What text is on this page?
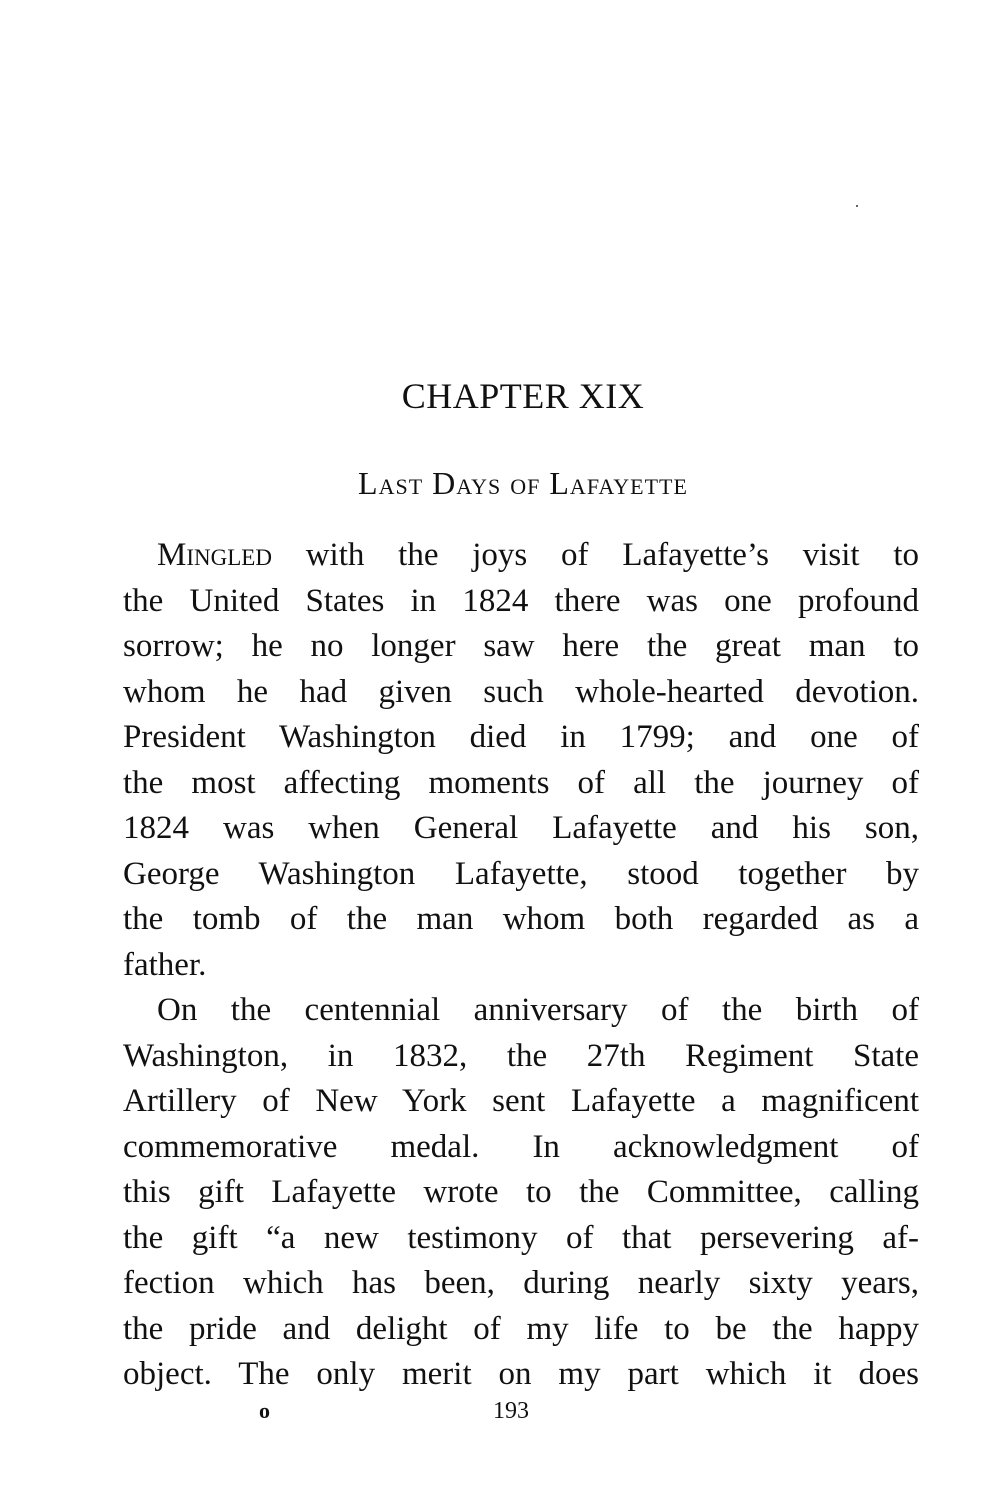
CHAPTER XIX
Last Days of Lafayette
Mingled with the joys of Lafayette’s visit to
the United States in 1824 there was one profound
sorrow; he no longer saw here the great man to
whom he had given such whole-hearted devotion.
President Washington died in 1799; and one of
the most affecting moments of all the journey of
1824 was when General Lafayette and his son,
George Washington Lafayette, stood together by
the tomb of the man whom both regarded as a
father.
On the centennial anniversary of the birth of
Washington, in 1832, the 27th Regiment State
Artillery of New York sent Lafayette a magnificent
commemorative medal. In acknowledgment of
this gift Lafayette wrote to the Committee, calling
the gift “a new testimony of that persevering af-
fection which has been, during nearly sixty years,
the pride and delight of my life to be the happy
object. The only merit on my part which it does
o	193
